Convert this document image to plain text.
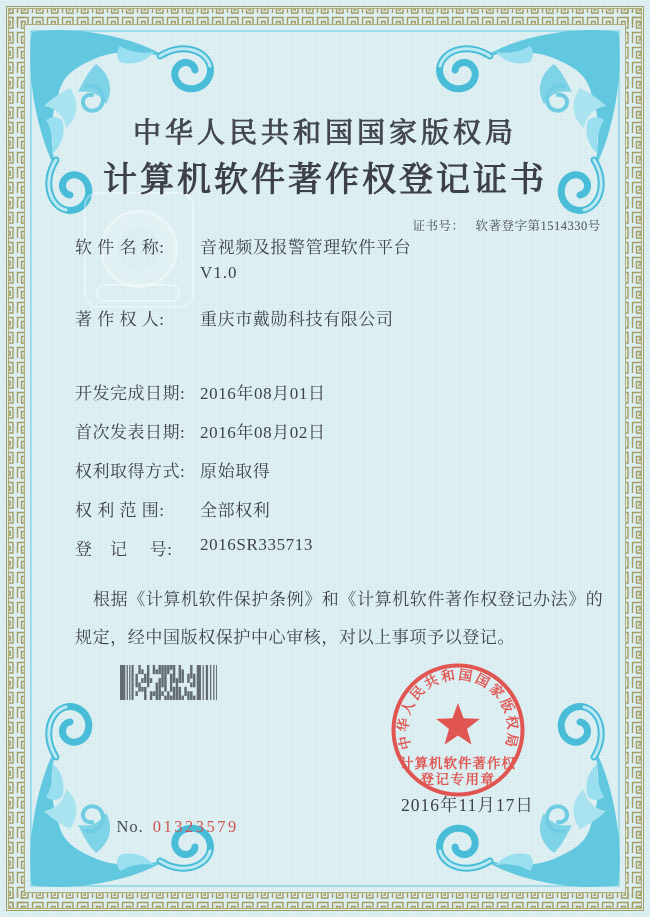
中华人民共和国国家版权局
计算机软件著作权登记证书

证书号： 软著登字第1514330号

软 件 名 称: 音视频及报警管理软件平台
V1.0
著 作 权 人: 重庆市戴勋科技有限公司
开发完成日期: 2016年08月01日
首次发表日期: 2016年08月02日
权利取得方式: 原始取得
权 利 范 围: 全部权利
登　记　 号: 2016SR335713
根据《计算机软件保护条例》和《计算机软件著作权登记办法》的
规定，经中国版权保护中心审核，对以上事项予以登记。
2016年11月17日
中华人民共和国国家版权局
计算机软件著作权
登记专用章

No. 01323579
